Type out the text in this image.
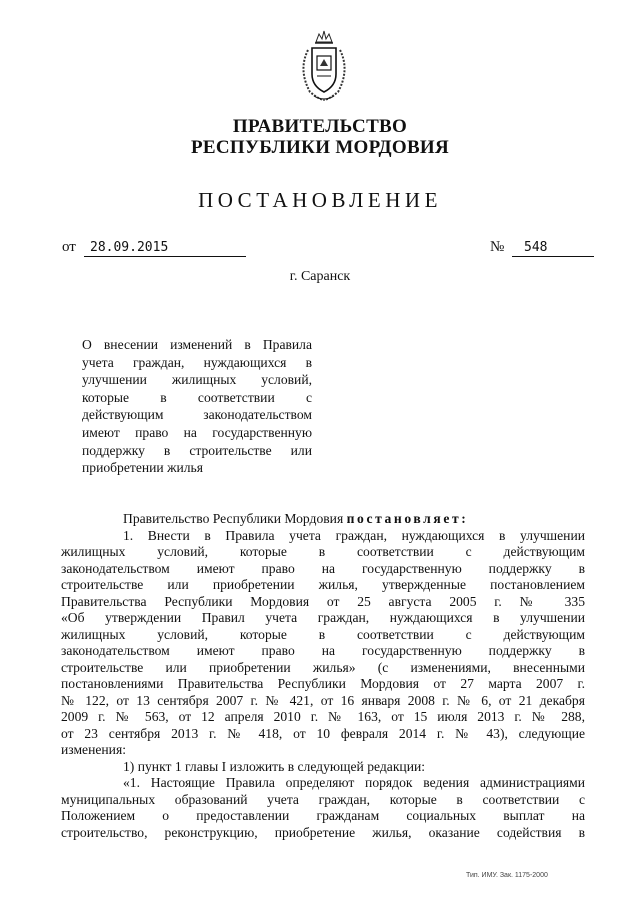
ПРАВИТЕЛЬСТВО
РЕСПУБЛИКИ МОРДОВИЯ
ПОСТАНОВЛЕНИЕ
от	28.09.2015	№	548
г. Саранск
О внесении изменений в Правила
учета граждан, нуждающихся в
улучшении жилищных условий,
которые в соответствии с
действующим законодательством
имеют право на государственную
поддержку в строительстве или
приобретении жилья
Правительство Республики Мордовия постановляет:
1. Внести в Правила учета граждан, нуждающихся в улучшении
жилищных условий, которые в соответствии с действующим
законодательством имеют право на государственную поддержку в
строительстве или приобретении жилья, утвержденные постановлением
Правительства Республики Мордовия от 25 августа 2005 г. № 335
«Об утверждении Правил учета граждан, нуждающихся в улучшении
жилищных условий, которые в соответствии с действующим
законодательством имеют право на государственную поддержку в
строительстве или приобретении жилья» (с изменениями, внесенными
постановлениями Правительства Республики Мордовия от 27 марта 2007 г.
№ 122, от 13 сентября 2007 г. № 421, от 16 января 2008 г. № 6, от 21 декабря
2009 г. № 563, от 12 апреля 2010 г. № 163, от 15 июля 2013 г. № 288,
от 23 сентября 2013 г. № 418, от 10 февраля 2014 г. № 43), следующие
изменения:
1) пункт 1 главы I изложить в следующей редакции:
«1. Настоящие Правила определяют порядок ведения администрациями
муниципальных образований учета граждан, которые в соответствии с
Положением о предоставлении гражданам социальных выплат на
строительство, реконструкцию, приобретение жилья, оказание содействия в
Тип. ИМУ. Зак. 1175-2000
